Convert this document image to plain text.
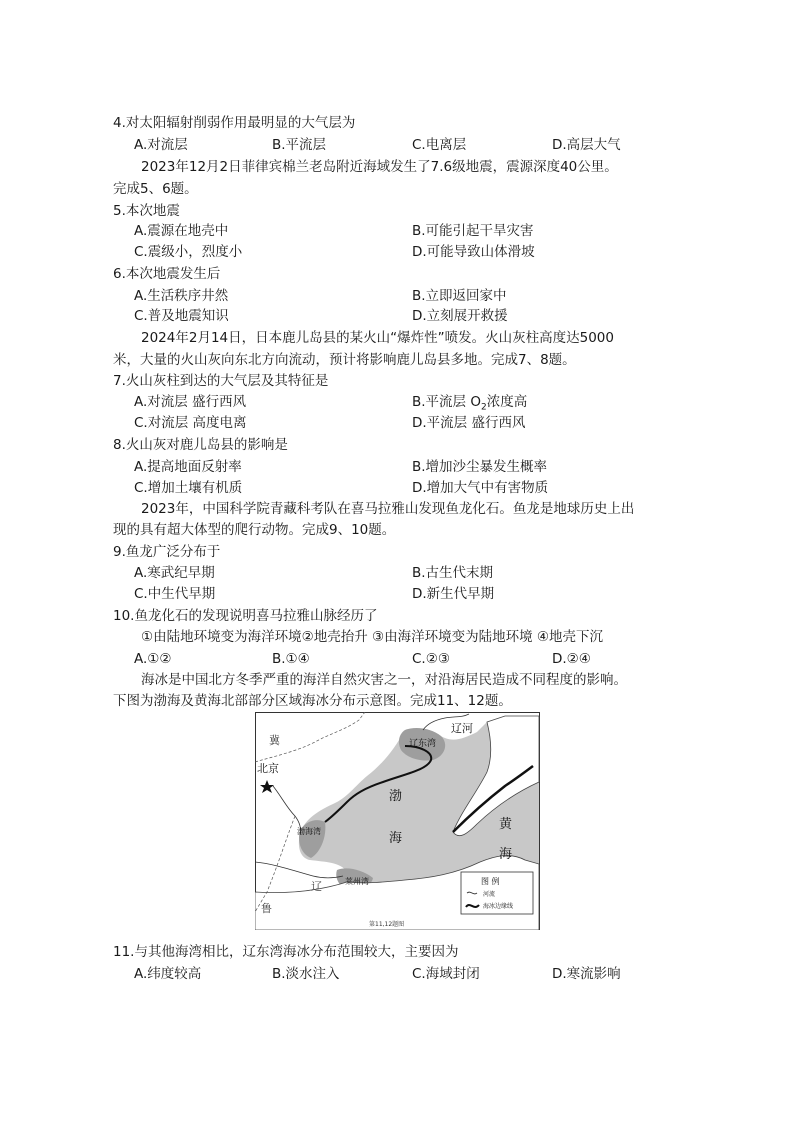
4.对太阳辐射削弱作用最明显的大气层为
A.对流层	B.平流层	C.电离层	D.高层大气
2023年12月2日菲律宾棉兰老岛附近海域发生了7.6级地震，震源深度40公里。
完成5、6题。
5.本次地震
A.震源在地壳中	B.可能引起干旱灾害
C.震级小，烈度小	D.可能导致山体滑坡
6.本次地震发生后
A.生活秩序井然	B.立即返回家中
C.普及地震知识	D.立刻展开救援
2024年2月14日，日本鹿儿岛县的某火山“爆炸性”喷发。火山灰柱高度达5000
米，大量的火山灰向东北方向流动，预计将影响鹿儿岛县多地。完成7、8题。
7.火山灰柱到达的大气层及其特征是
A.对流层 盛行西风	B.平流层 $O_2$浓度高
C.对流层 高度电离	D.平流层 盛行西风
8.火山灰对鹿儿岛县的影响是
A.提高地面反射率	B.增加沙尘暴发生概率
C.增加土壤有机质	D.增加大气中有害物质
2023年，中国科学院青藏科考队在喜马拉雅山发现鱼龙化石。鱼龙是地球历史上出
现的具有超大体型的爬行动物。完成9、10题。
9.鱼龙广泛分布于
A.寒武纪早期	B.古生代末期
C.中生代早期	D.新生代早期
10.鱼龙化石的发现说明喜马拉雅山脉经历了
①由陆地环境变为海洋环境②地壳抬升 ③由海洋环境变为陆地环境 ④地壳下沉
A.①②	B.①④	C.②③	D.②④
海冰是中国北方冬季严重的海洋自然灾害之一，对沿海居民造成不同程度的影响。
下图为渤海及黄海北部部分区域海冰分布示意图。完成11、12题。
辽河
辽东湾
北京
渤海湾
莱州湾
渤
海
黄
海
冀
鲁
辽	图 例
河流
海冰边缘线
第11,12题图
11.与其他海湾相比，辽东湾海冰分布范围较大，主要因为
A.纬度较高	B.淡水注入	C.海域封闭	D.寒流影响
